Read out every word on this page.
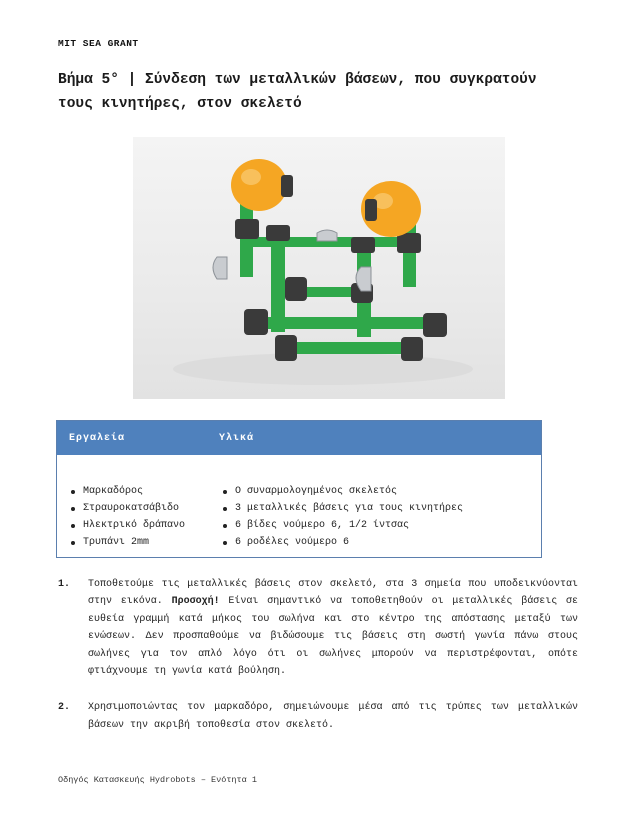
MIT SEA GRANT
Βήμα 5° | Σύνδεση των μεταλλικών βάσεων, που συγκρατούν τους κινητήρες, στον σκελετό
Εργαλεία	Υλικά
Μαρκαδόρος
Στραυροκατσάβιδο
Ηλεκτρικό δράπανο
Τρυπάνι 2mm
Ο συναρμολογημένος σκελετός
3 μεταλλικές βάσεις για τους κινητήρες
6 βίδες νούμερο 6, 1/2 ίντσας
6 ροδέλες νούμερο 6
1.	Τοποθετούμε τις μεταλλικές βάσεις στον σκελετό, στα 3 σημεία που υποδεικνύονται στην εικόνα. Προσοχή! Είναι σημαντικό να τοποθετηθούν οι μεταλλικές βάσεις σε ευθεία γραμμή κατά μήκος του σωλήνα και στο κέντρο της απόστασης μεταξύ των ενώσεων. Δεν προσπαθούμε να βιδώσουμε τις βάσεις στη σωστή γωνία πάνω στους σωλήνες για τον απλό λόγο ότι οι σωλήνες μπορούν να περιστρέφονται, οπότε φτιάχνουμε τη γωνία κατά βούληση.
2.	Χρησιμοποιώντας τον μαρκαδόρο, σημειώνουμε μέσα από τις τρύπες των μεταλλικών βάσεων την ακριβή τοποθεσία στον σκελετό.
Οδηγός Κατασκευής Hydrobots – Ενότητα 1
